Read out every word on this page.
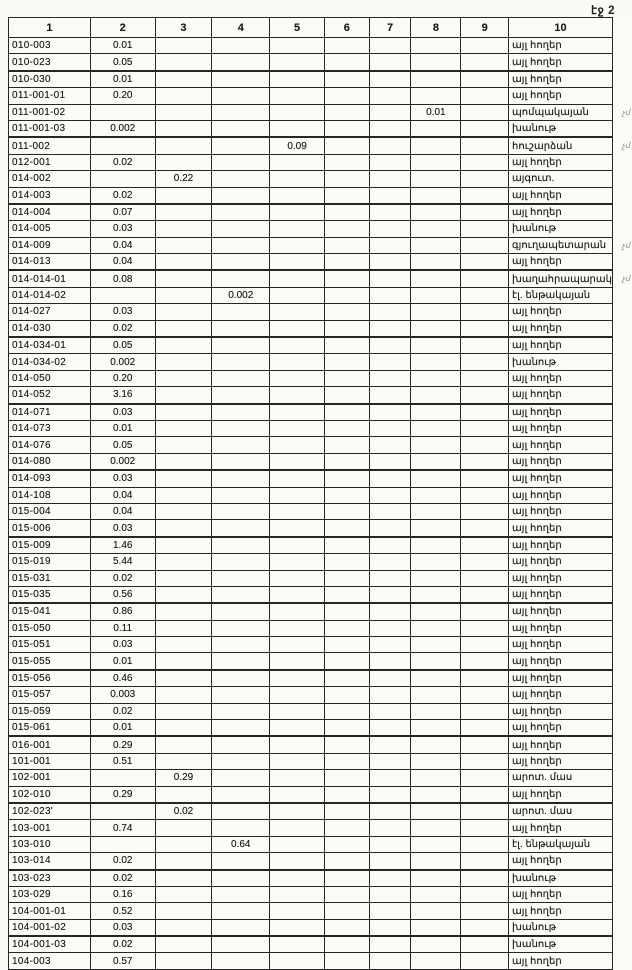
էջ 2
1	2	3	4	5	6	7	8	9	10	
010-003	0.01								այլ հողեր	
010-023	0.05								այլ հողեր	
010-030	0.01								այլ հողեր	
011-001-01	0.20								այլ հողեր	
011-001-02							0.01		պոմպակայան	չմ
011-001-03	0.002								խանութ	
011-002				0.09					հուշարձան	չմ
012-001	0.02								այլ հողեր	
014-002		0.22							այգուտ.	
014-003	0.02								այլ հողեր	
014-004	0.07								այլ հողեր	
014-005	0.03								խանութ	
014-009	0.04								գյուղապետարան	չմ
014-013	0.04								այլ հողեր	
014-014-01	0.08								խաղահրապարակ	չմ
014-014-02			0.002						էլ. ենթակայան	
014-027	0.03								այլ հողեր	
014-030	0.02								այլ հողեր	
014-034-01	0.05								այլ հողեր	
014-034-02	0.002								խանութ	
014-050	0.20								այլ հողեր	
014-052	3.16								այլ հողեր	
014-071	0.03								այլ հողեր	
014-073	0.01								այլ հողեր	
014-076	0.05								այլ հողեր	
014-080	0.002								այլ հողեր	
014-093	0.03								այլ հողեր	
014-108	0.04								այլ հողեր	
015-004	0.04								այլ հողեր	
015-006	0.03								այլ հողեր	
015-009	1.46								այլ հողեր	
015-019	5.44								այլ հողեր	
015-031	0.02								այլ հողեր	
015-035	0.56								այլ հողեր	
015-041	0.86								այլ հողեր	
015-050	0.11								այլ հողեր	
015-051	0.03								այլ հողեր	
015-055	0.01								այլ հողեր	
015-056	0.46								այլ հողեր	
015-057	0.003								այլ հողեր	
015-059	0.02								այլ հողեր	
015-061	0.01								այլ հողեր	
016-001	0.29								այլ հողեր	
101-001	0.51								այլ հողեր	
102-001		0.29							արոտ. մաս	
102-010	0.29								այլ հողեր	
102-023'		0.02							արոտ. մաս	
103-001	0.74								այլ հողեր	
103-010			0.64						էլ. ենթակայան	
103-014	0.02								այլ հողեր	
103-023	0.02								խանութ	
103-029	0.16								այլ հողեր	
104-001-01	0.52								այլ հողեր	
104-001-02	0.03								խանութ	
104-001-03	0.02								խանութ	
104-003	0.57								այլ հողեր	
